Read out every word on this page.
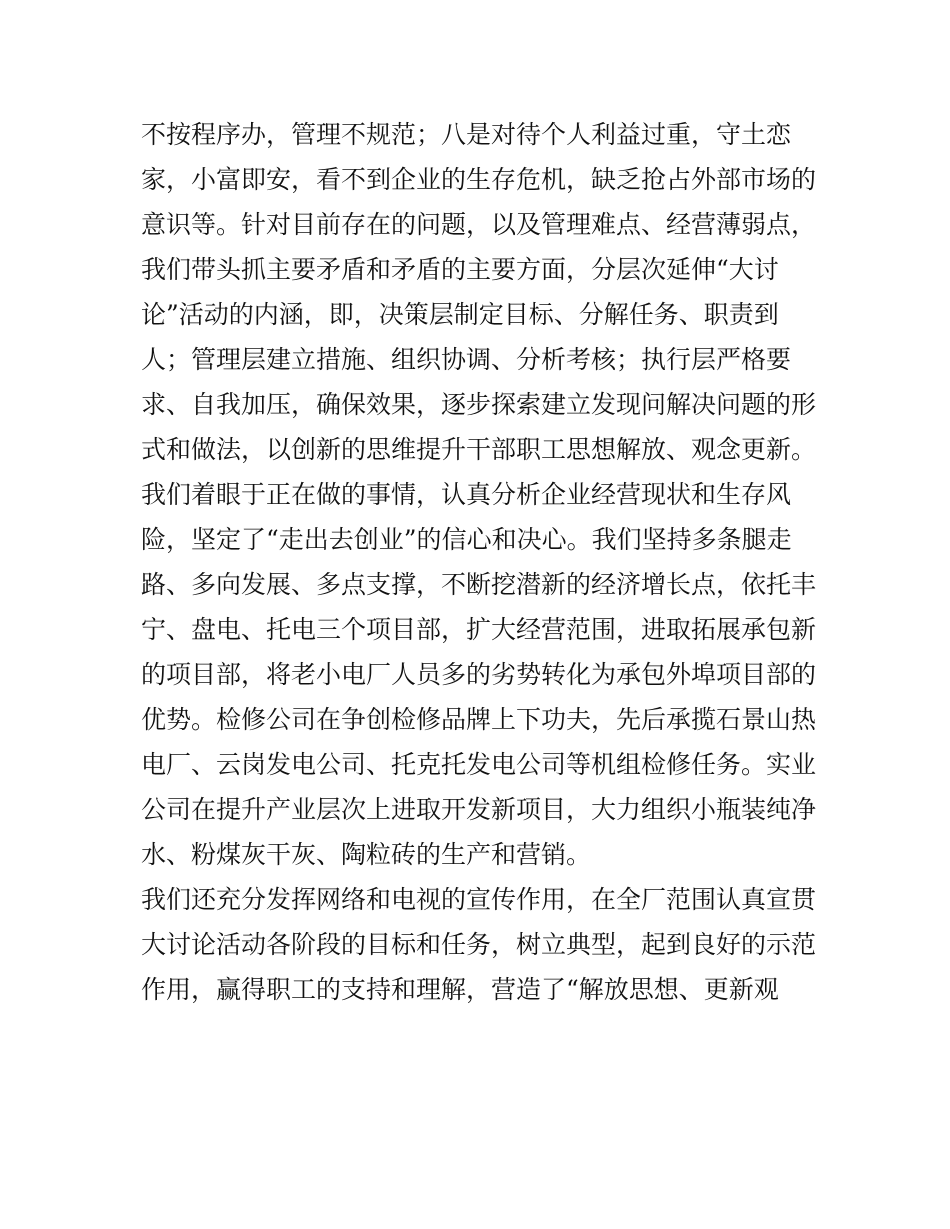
不按程序办，管理不规范；八是对待个人利益过重，守土恋
家，小富即安，看不到企业的生存危机，缺乏抢占外部市场的
意识等。针对目前存在的问题，以及管理难点、经营薄弱点，
我们带头抓主要矛盾和矛盾的主要方面，分层次延伸“大讨
论”活动的内涵，即，决策层制定目标、分解任务、职责到
人；管理层建立措施、组织协调、分析考核；执行层严格要
求、自我加压，确保效果，逐步探索建立发现问解决问题的形
式和做法，以创新的思维提升干部职工思想解放、观念更新。
我们着眼于正在做的事情，认真分析企业经营现状和生存风
险，坚定了“走出去创业”的信心和决心。我们坚持多条腿走
路、多向发展、多点支撑，不断挖潜新的经济增长点，依托丰
宁、盘电、托电三个项目部，扩大经营范围，进取拓展承包新
的项目部，将老小电厂人员多的劣势转化为承包外埠项目部的
优势。检修公司在争创检修品牌上下功夫，先后承揽石景山热
电厂、云岗发电公司、托克托发电公司等机组检修任务。实业
公司在提升产业层次上进取开发新项目，大力组织小瓶装纯净
水、粉煤灰干灰、陶粒砖的生产和营销。
我们还充分发挥网络和电视的宣传作用，在全厂范围认真宣贯
大讨论活动各阶段的目标和任务，树立典型，起到良好的示范
作用，赢得职工的支持和理解，营造了“解放思想、更新观
